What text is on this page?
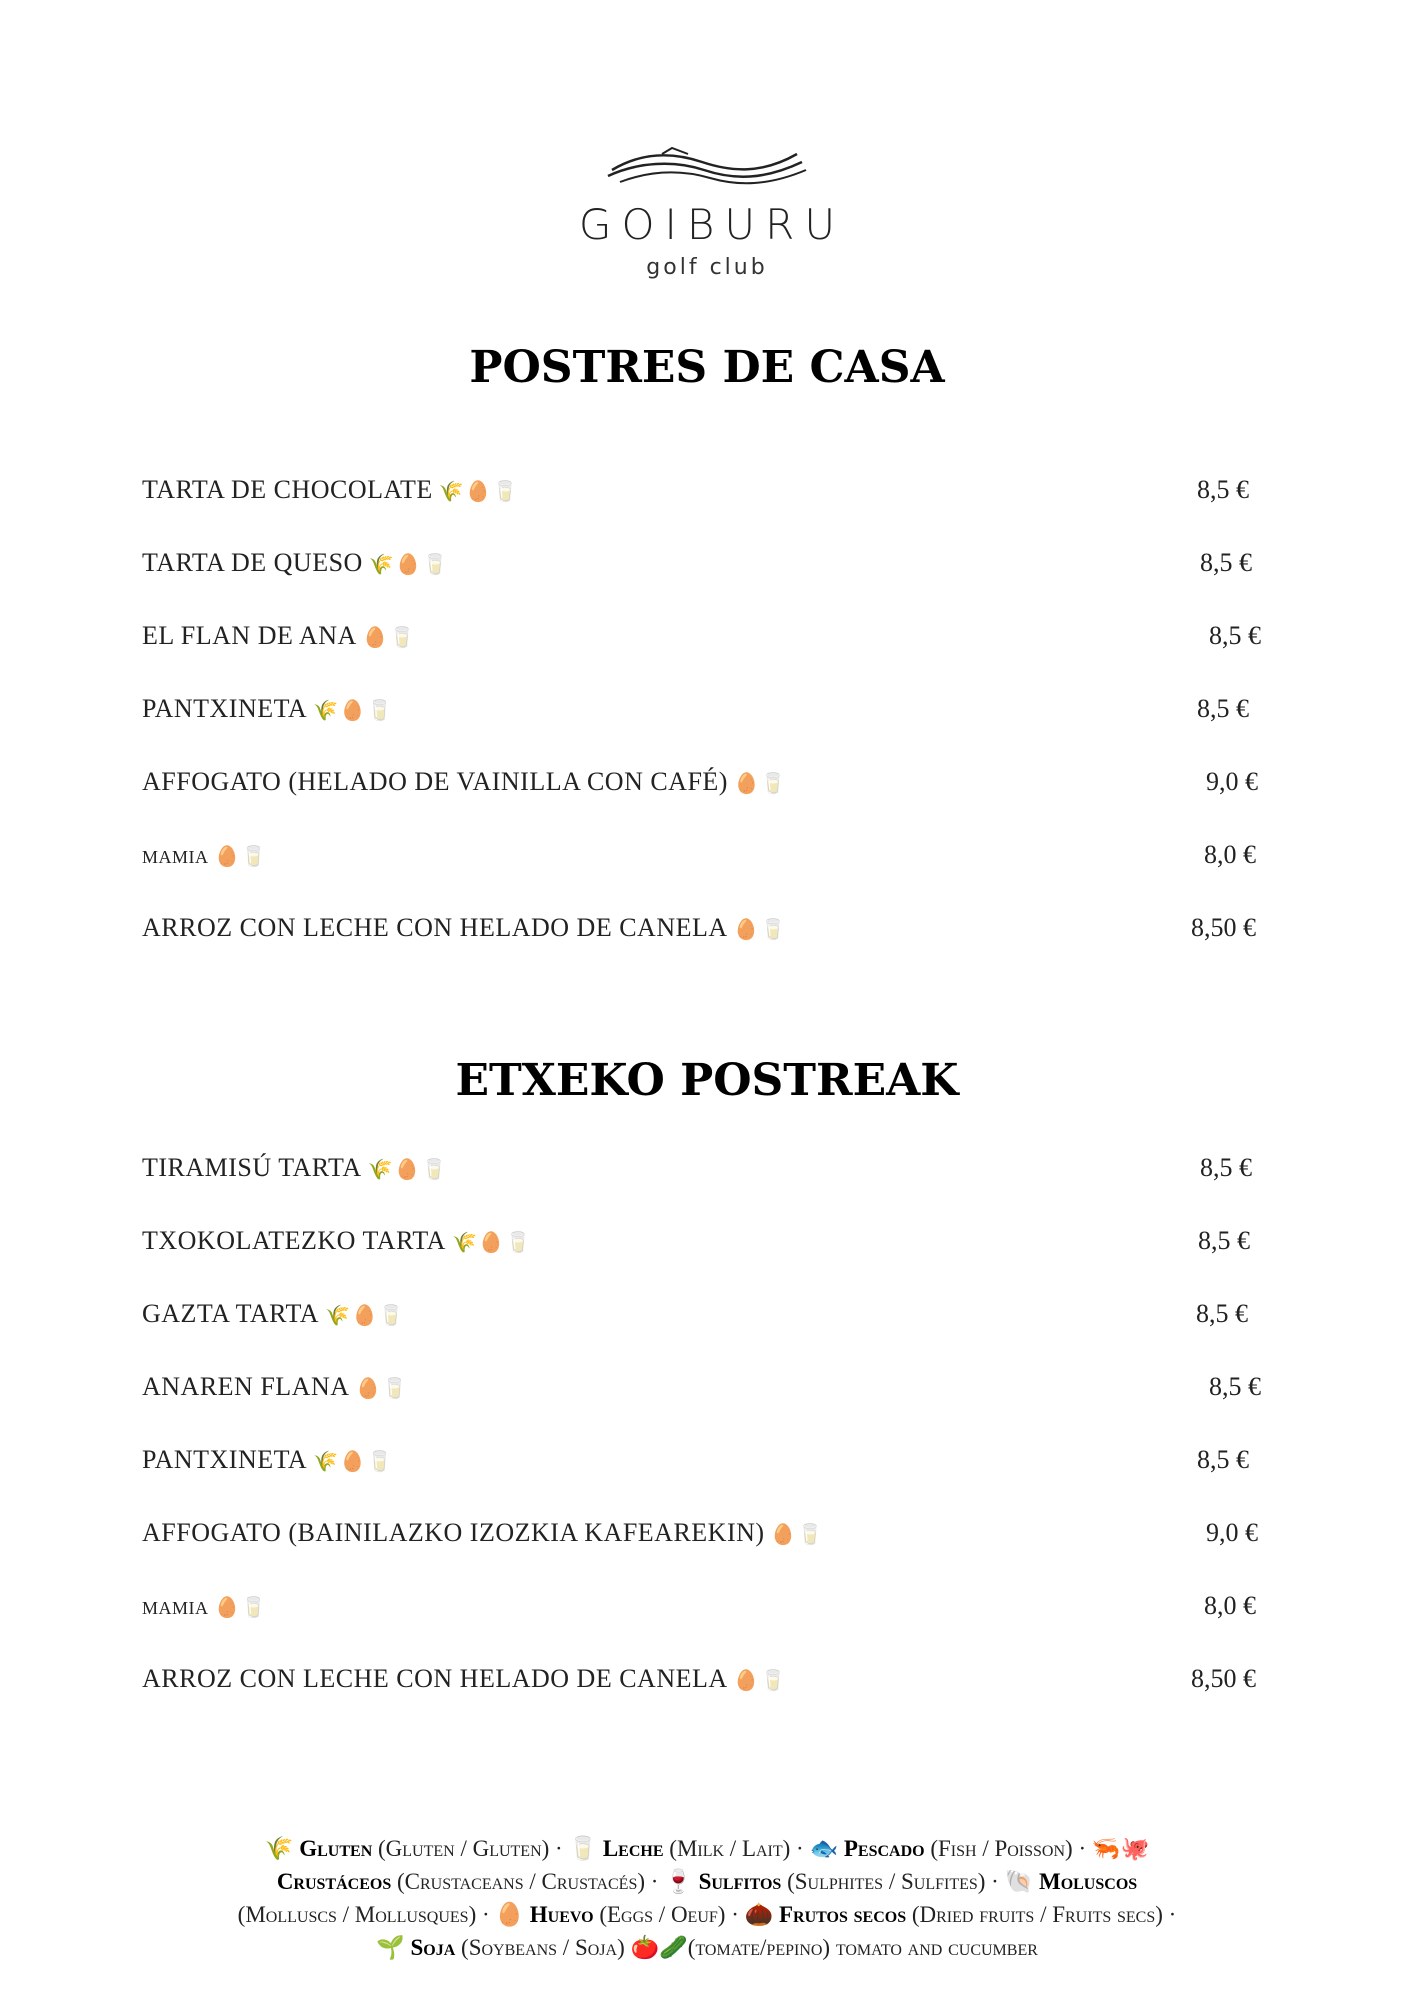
GOIBURU
golf club
POSTRES DE CASA
TARTA DE CHOCOLATE 🌾🥚🥛	8,5 €
TARTA DE QUESO 🌾🥚🥛	8,5 €
EL FLAN DE ANA 🥚🥛	8,5 €
PANTXINETA 🌾🥚🥛	8,5 €
AFFOGATO (HELADO DE VAINILLA CON CAFÉ) 🥚🥛	9,0 €
mamia 🥚🥛	8,0 €
ARROZ CON LECHE CON HELADO DE CANELA 🥚🥛	8,50 €
ETXEKO POSTREAK
TIRAMISÚ TARTA 🌾🥚🥛	8,5 €
TXOKOLATEZKO TARTA 🌾🥚🥛	8,5 €
GAZTA TARTA 🌾🥚🥛	8,5 €
ANAREN FLANA 🥚🥛	8,5 €
PANTXINETA 🌾🥚🥛	8,5 €
AFFOGATO (BAINILAZKO IZOZKIA KAFEAREKIN) 🥚🥛	9,0 €
mamia 🥚🥛	8,0 €
ARROZ CON LECHE CON HELADO DE CANELA 🥚🥛	8,50 €
🌾 Gluten (Gluten / Gluten) · 🥛 Leche (Milk / Lait) · 🐟 Pescado (Fish / Poisson) · 🦐🐙
Crustáceos (Crustaceans / Crustacés) · 🍷 Sulfitos (Sulphites / Sulfites) · 🐚 Moluscos
(Molluscs / Mollusques) · 🥚 Huevo (Eggs / Oeuf) · 🌰 Frutos secos (Dried fruits / Fruits secs) ·
🌱 Soja (Soybeans / Soja) 🍅🥒(tomate/pepino) tomato and cucumber
